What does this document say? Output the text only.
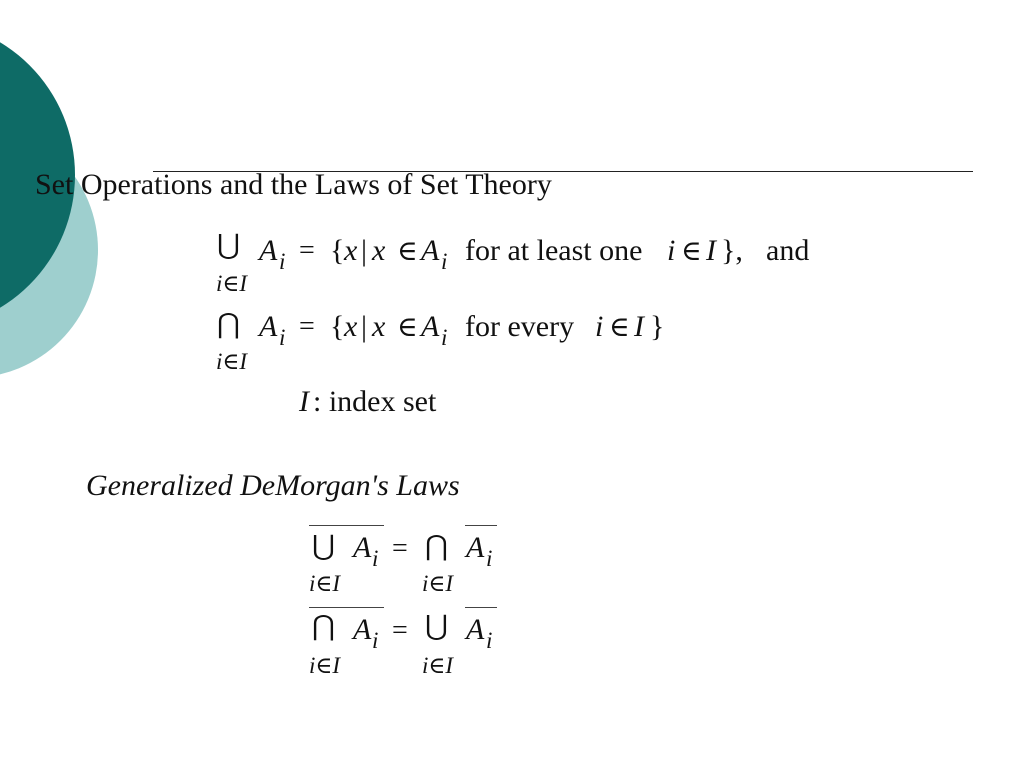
Set Operations and the Laws of Set Theory
⋃ A i = { x | x ∈ A i for at least one i ∈ I }, and
i∈I
⋂ A i = { x | x ∈ A i for every i ∈ I }
i∈I
I : index set
Generalized DeMorgan's Laws
⋃ A i = ⋂ A i
i∈I	i∈I
⋂ A i = ⋃ A i
i∈I	i∈I
